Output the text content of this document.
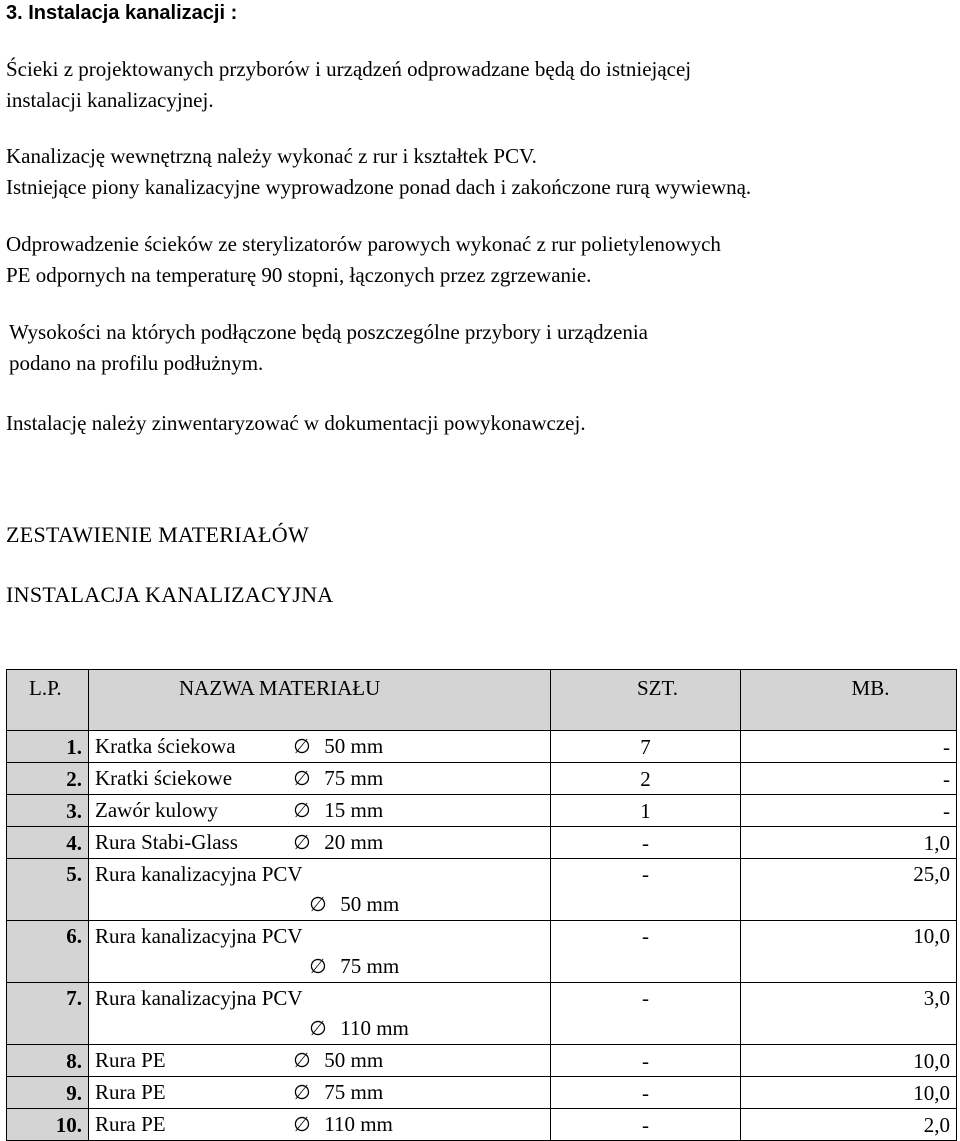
3. Instalacja kanalizacji :
Ścieki z projektowanych przyborów i urządzeń odprowadzane będą do istniejącej
instalacji kanalizacyjnej.
Kanalizację wewnętrzną należy wykonać z rur i kształtek PCV.
Istniejące piony kanalizacyjne wyprowadzone ponad dach i zakończone rurą wywiewną.
Odprowadzenie ścieków ze sterylizatorów parowych wykonać z rur polietylenowych
PE odpornych na temperaturę 90 stopni, łączonych przez zgrzewanie.
Wysokości na których podłączone będą poszczególne przybory i urządzenia
podano na profilu podłużnym.
Instalację należy zinwentaryzować w dokumentacji powykonawczej.
ZESTAWIENIE MATERIAŁÓW
INSTALACJA KANALIZACYJNA
L.P.	NAZWA MATERIAŁU	SZT.	MB.
1.	Kratka ściekowa ∅ 50 mm	7	-
2.	Kratki ściekowe ∅ 75 mm	2	-
3.	Zawór kulowy ∅ 15 mm	1	-
4.	Rura Stabi-Glass ∅ 20 mm	-	1,0
5.	Rura kanalizacyjna PCV
∅ 50 mm	-	25,0
6.	Rura kanalizacyjna PCV
∅ 75 mm	-	10,0
7.	Rura kanalizacyjna PCV
∅ 110 mm	-	3,0
8.	Rura PE ∅ 50 mm	-	10,0
9.	Rura PE ∅ 75 mm	-	10,0
10.	Rura PE ∅ 110 mm	-	2,0
